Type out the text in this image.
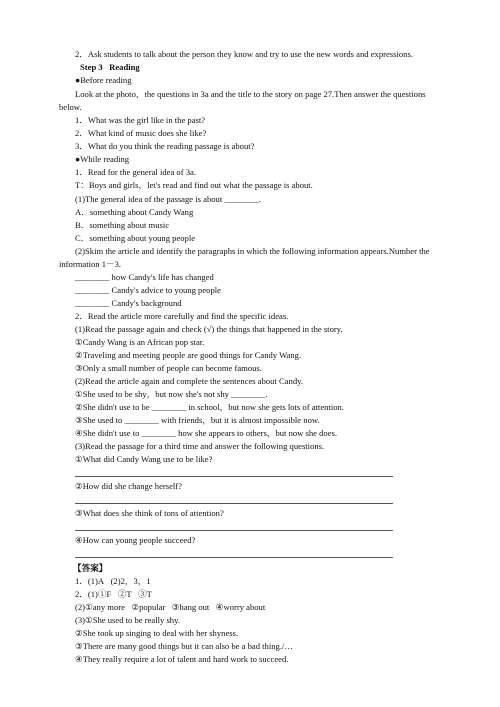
2．Ask students to talk about the person they know and try to use the new words and expressions.
Step 3   Reading
●Before reading
Look at the photo，the questions in 3a and the title to the story on page 27.Then answer the questions
below.
1．What was the girl like in the past?
2．What kind of music does she like?
3．What do you think the reading passage is about?
●While reading
1．Read for the general idea of 3a.
T：Boys and girls，let's read and find out what the passage is about.
(1)The general idea of the passage is about ________.
A．something about Candy Wang
B．something about music
C．something about young people
(2)Skim the article and identify the paragraphs in which the following information appears.Number the
information 1－3.
________ how Candy's life has changed
________ Candy's advice to young people
________ Candy's background
2．Read the article more carefully and find the specific ideas.
(1)Read the passage again and check (√) the things that happened in the story.
①Candy Wang is an African pop star.
②Traveling and meeting people are good things for Candy Wang.
③Only a small number of people can become famous.
(2)Read the article again and complete the sentences about Candy.
①She used to be shy，but now she's not shy ________.
②She didn't use to be ________ in school，but now she gets lots of attention.
③She used to ________ with friends，but it is almost impossible now.
④She didn't use to ________ how she appears to others，but now she does.
(3)Read the passage for a third time and answer the following questions.
①What did Candy Wang use to be like?
②How did she change herself?
③What does she think of tons of attention?
④How can young people succeed?
【答案】
1．(1)A   (2)2，3，1
2．(1)①F   ②T   ③T
(2)①any more   ②popular   ③hang out   ④worry about
(3)①She used to be really shy.
②She took up singing to deal with her shyness.
③There are many good things but it can also be a bad thing./…
④They really require a lot of talent and hard work to succeed.
